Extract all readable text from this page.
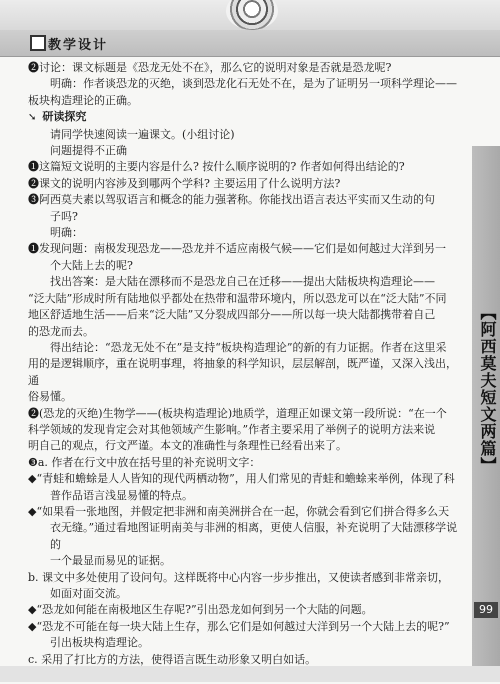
教学设计
【阿西莫夫短文两篇】
99

❷讨论：课文标题是《恐龙无处不在》，那么它的说明对象是否就是恐龙呢?

明确：作者谈恐龙的灭绝，谈到恐龙化石无处不在，是为了证明另一项科学理论——

板块构造理论的正确。

➘ 研读探究

请同学快速阅读一遍课文。(小组讨论)

问题提得不正确

❶这篇短文说明的主要内容是什么? 按什么顺序说明的? 作者如何得出结论的?

❷课文的说明内容涉及到哪两个学科? 主要运用了什么说明方法?

❸阿西莫夫素以驾驭语言和概念的能力强著称。你能找出语言表达平实而又生动的句

子吗?

明确：

❶发现问题：南极发现恐龙——恐龙并不适应南极气候——它们是如何越过大洋到另一

个大陆上去的呢?

找出答案：是大陆在漂移而不是恐龙自己在迁移——提出大陆板块构造理论——

“泛大陆”形成时所有陆地似乎都处在热带和温带环境内，所以恐龙可以在“泛大陆”不同

地区舒适地生活——后来“泛大陆”又分裂成四部分——所以每一块大陆都携带着自己

的恐龙而去。

得出结论：“恐龙无处不在”是支持“板块构造理论”的新的有力证据。作者在这里采

用的是逻辑顺序，重在说明事理，将抽象的科学知识，层层解剖，既严谨，又深入浅出，通

俗易懂。

❷(恐龙的灭绝)生物学——(板块构造理论)地质学，道理正如课文第一段所说：“在一个

科学领域的发现肯定会对其他领域产生影响。”作者主要采用了举例子的说明方法来说

明自己的观点，行文严谨。本文的准确性与条理性已经看出来了。

❸a. 作者在行文中放在括号里的补充说明文字：

◆“青蛙和蟾蜍是人人皆知的现代两栖动物”，用人们常见的青蛙和蟾蜍来举例，体现了科

普作品语言浅显易懂的特点。

◆“如果看一张地图，并假定把非洲和南美洲拼合在一起，你就会看到它们拼合得多么天

衣无缝。”通过看地图证明南美与非洲的相离，更使人信服，补充说明了大陆漂移学说的

一个最显而易见的证据。

b. 课文中多处使用了设问句。这样既将中心内容一步步推出，又使读者感到非常亲切，

如面对面交流。

◆“恐龙如何能在南极地区生存呢?”引出恐龙如何到另一个大陆的问题。

◆“恐龙不可能在每一块大陆上生存，那么它们是如何越过大洋到另一个大陆上去的呢?”

引出板块构造理论。

c. 采用了打比方的方法，使得语言既生动形象又明白如话。
